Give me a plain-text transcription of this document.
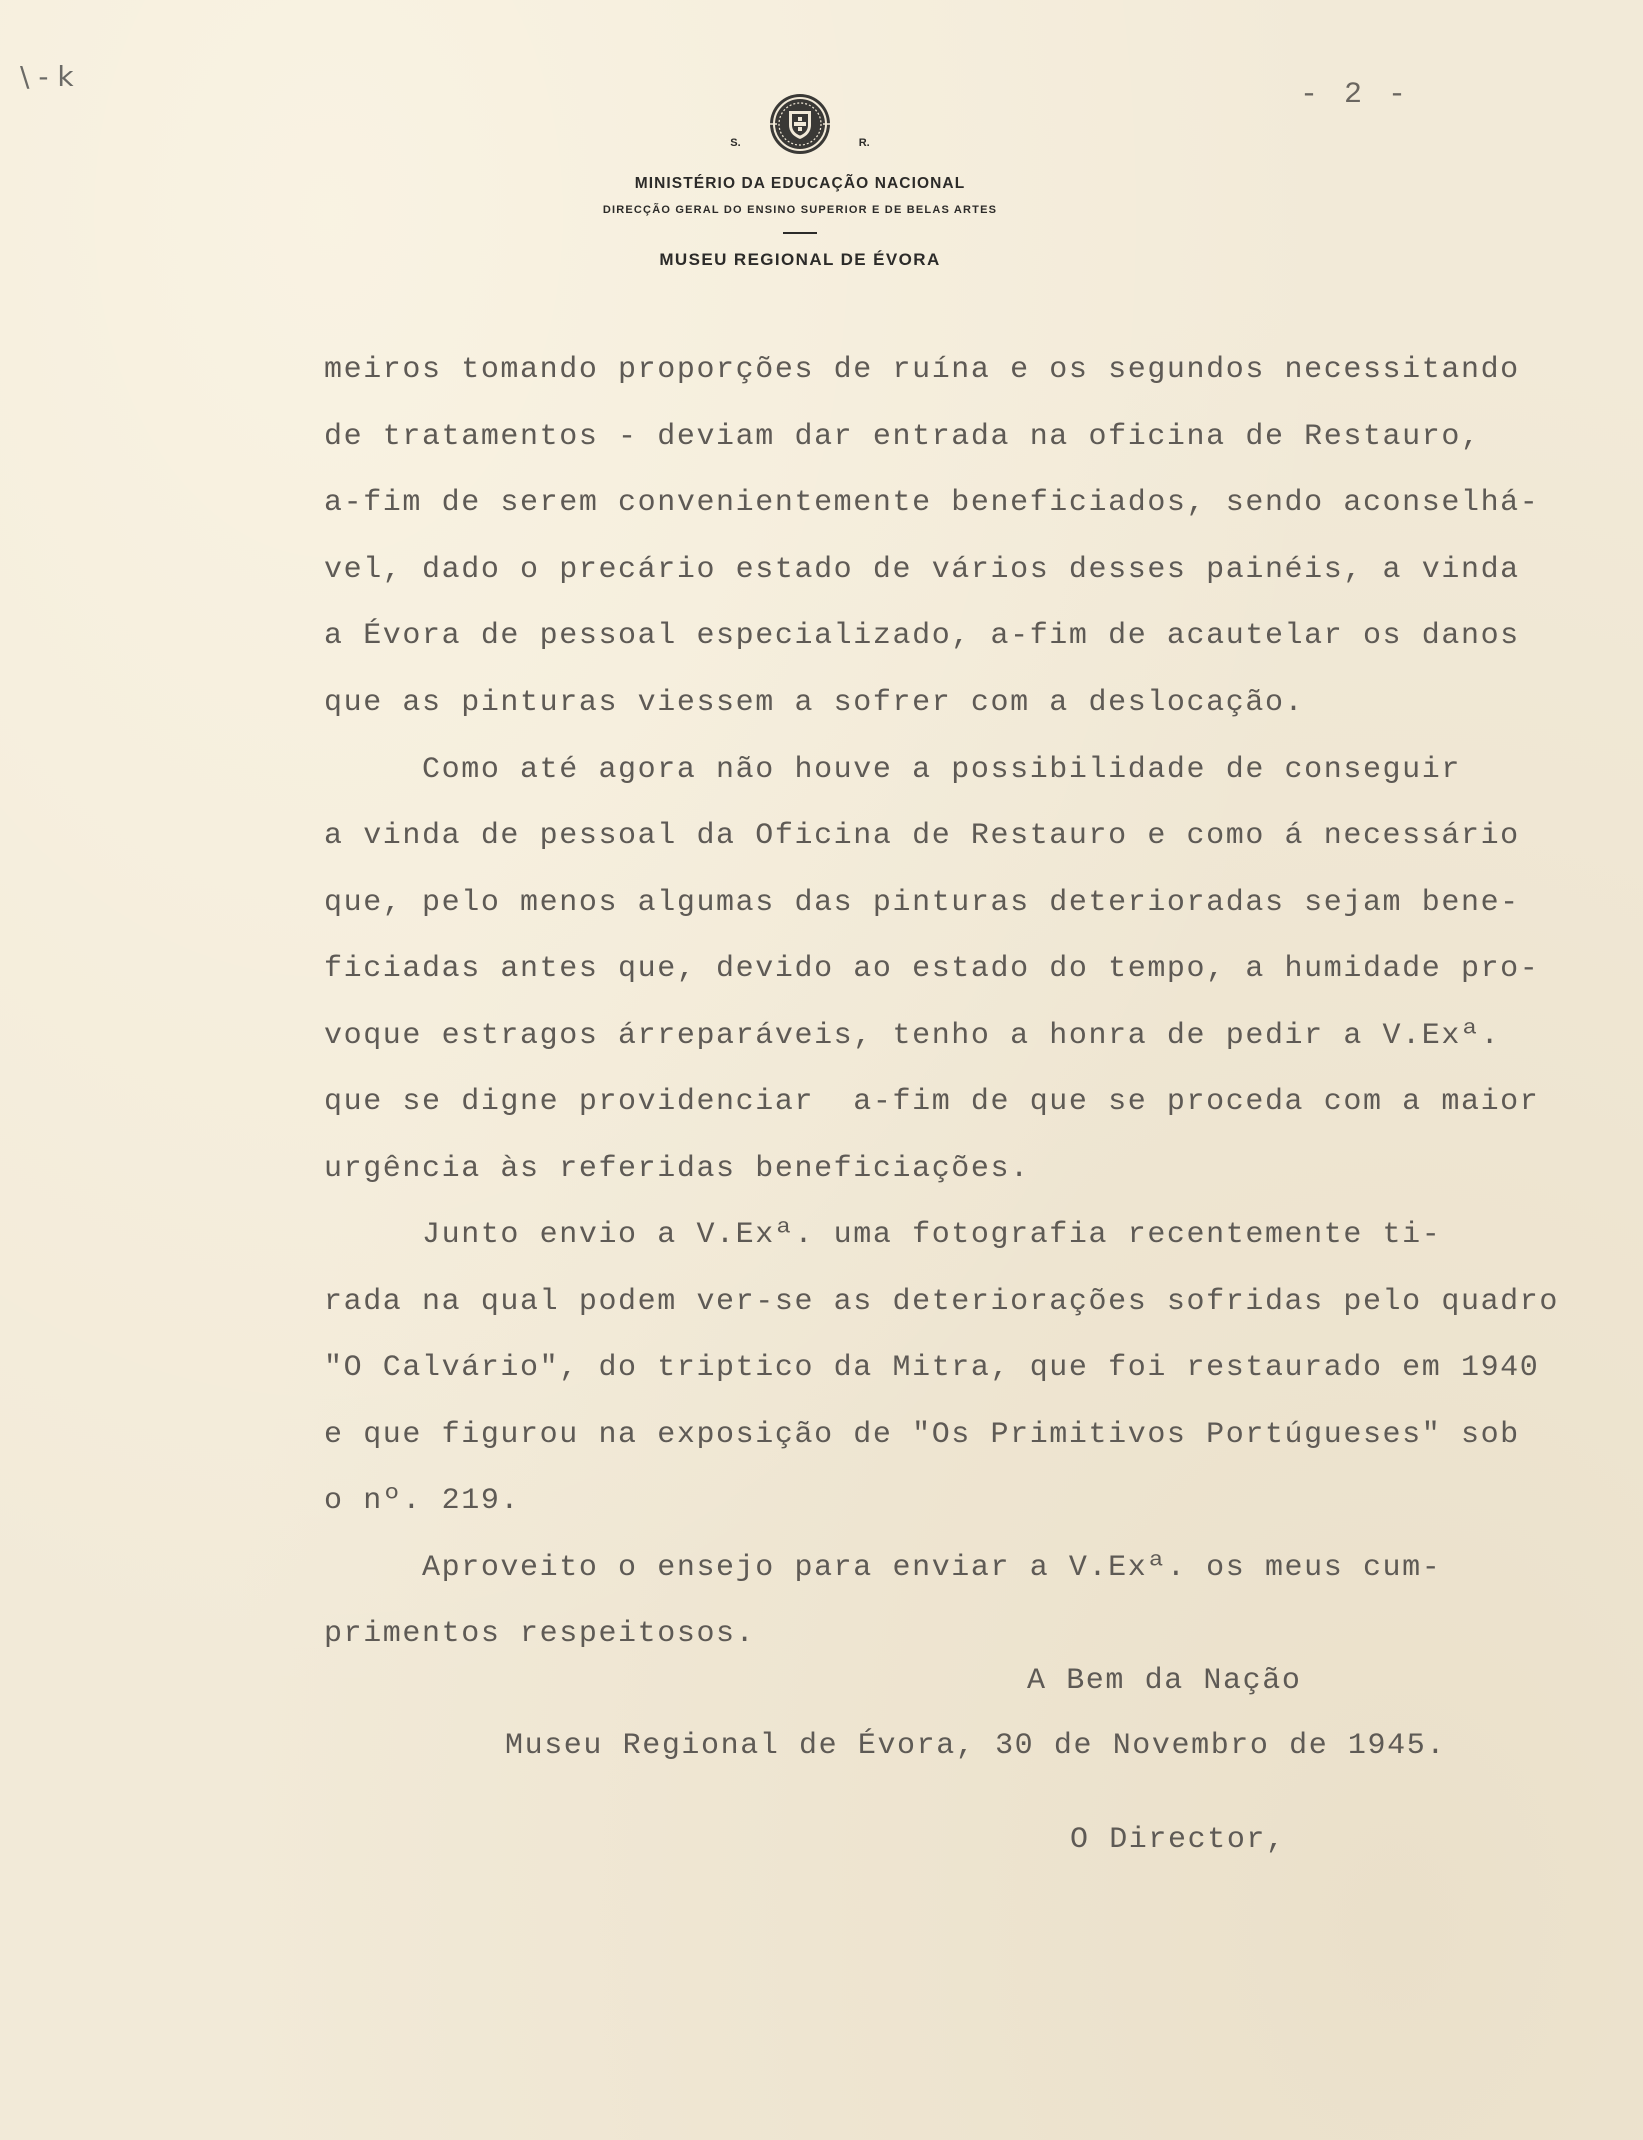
\ - k
- 2 -
S.	R.
MINISTÉRIO DA EDUCAÇÃO NACIONAL
DIRECÇÃO GERAL DO ENSINO SUPERIOR E DE BELAS ARTES
MUSEU REGIONAL DE ÉVORA
meiros tomando proporções de ruína e os segundos necessitando
de tratamentos - deviam dar entrada na oficina de Restauro,
a-fim de serem convenientemente beneficiados, sendo aconselhá-
vel, dado o precário estado de vários desses painéis, a vinda
a Évora de pessoal especializado, a-fim de acautelar os danos
que as pinturas viessem a sofrer com a deslocação.
Como até agora não houve a possibilidade de conseguir
a vinda de pessoal da Oficina de Restauro e como á necessário
que, pelo menos algumas das pinturas deterioradas sejam bene-
ficiadas antes que, devido ao estado do tempo, a humidade pro-
voque estragos árreparáveis, tenho a honra de pedir a V.Exª.
que se digne providenciar  a-fim de que se proceda com a maior
urgência às referidas beneficiações.
Junto envio a V.Exª. uma fotografia recentemente ti-
rada na qual podem ver-se as deteriorações sofridas pelo quadro
"O Calvário", do triptico da Mitra, que foi restaurado em 1940
e que figurou na exposição de "Os Primitivos Portúgueses" sob
o nº. 219.
Aproveito o ensejo para enviar a V.Exª. os meus cum-
primentos respeitosos.
A Bem da Nação
Museu Regional de Évora, 30 de Novembro de 1945.
O Director,
